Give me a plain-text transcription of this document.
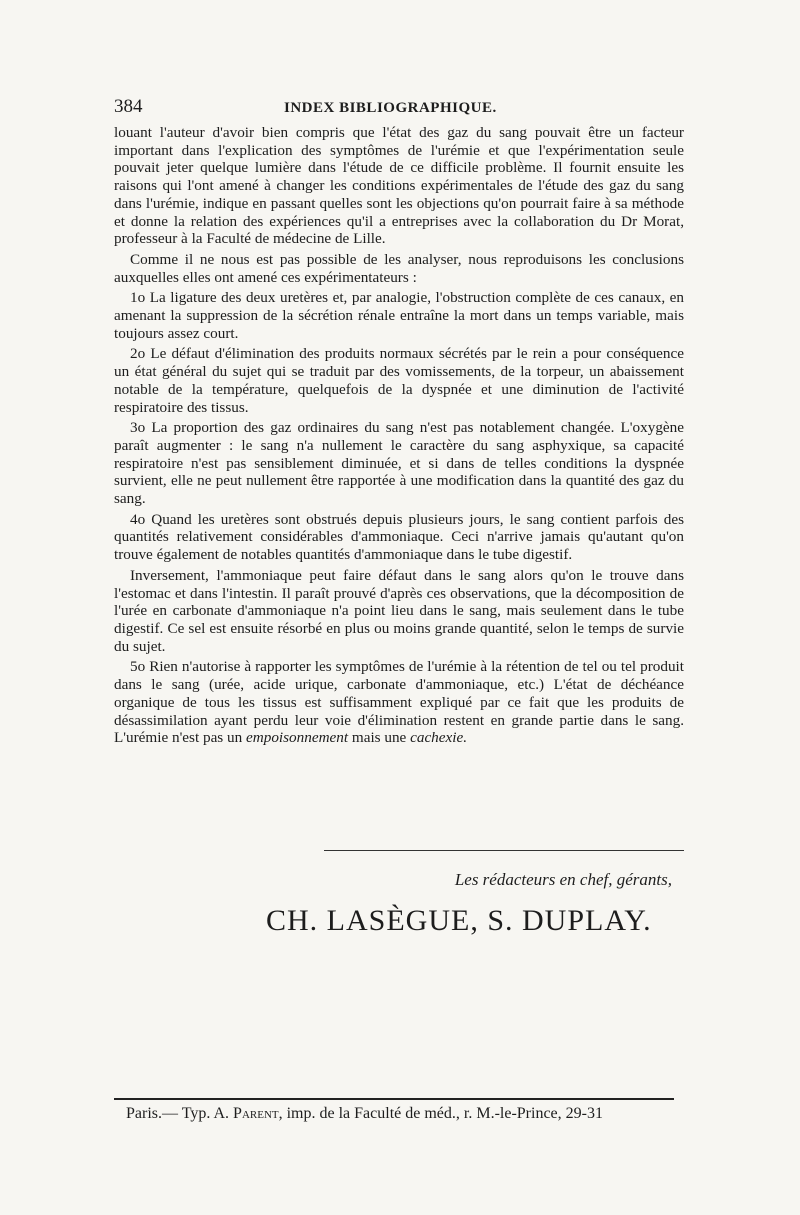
384	INDEX BIBLIOGRAPHIQUE.

louant l'auteur d'avoir bien compris que l'état des gaz du sang pouvait être un facteur important dans l'explication des symptômes de l'urémie et que l'expérimentation seule pouvait jeter quelque lumière dans l'étude de ce difficile problème. Il fournit ensuite les raisons qui l'ont amené à changer les conditions expérimentales de l'étude des gaz du sang dans l'urémie, indique en passant quelles sont les objections qu'on pourrait faire à sa méthode et donne la relation des expériences qu'il a entreprises avec la collaboration du Dr Morat, professeur à la Faculté de médecine de Lille.

Comme il ne nous est pas possible de les analyser, nous reproduisons les conclusions auxquelles elles ont amené ces expérimentateurs :

1o La ligature des deux uretères et, par analogie, l'obstruction complète de ces canaux, en amenant la suppression de la sécrétion rénale entraîne la mort dans un temps variable, mais toujours assez court.

2o Le défaut d'élimination des produits normaux sécrétés par le rein a pour conséquence un état général du sujet qui se traduit par des vomissements, de la torpeur, un abaissement notable de la température, quelquefois de la dyspnée et une diminution de l'activité respiratoire des tissus.

3o La proportion des gaz ordinaires du sang n'est pas notablement changée. L'oxygène paraît augmenter : le sang n'a nullement le caractère du sang asphyxique, sa capacité respiratoire n'est pas sensiblement diminuée, et si dans de telles conditions la dyspnée survient, elle ne peut nullement être rapportée à une modification dans la quantité des gaz du sang.

4o Quand les uretères sont obstrués depuis plusieurs jours, le sang contient parfois des quantités relativement considérables d'ammoniaque. Ceci n'arrive jamais qu'autant qu'on trouve également de notables quantités d'ammoniaque dans le tube digestif.

Inversement, l'ammoniaque peut faire défaut dans le sang alors qu'on le trouve dans l'estomac et dans l'intestin. Il paraît prouvé d'après ces observations, que la décomposition de l'urée en carbonate d'ammoniaque n'a point lieu dans le sang, mais seulement dans le tube digestif. Ce sel est ensuite résorbé en plus ou moins grande quantité, selon le temps de survie du sujet.

5o Rien n'autorise à rapporter les symptômes de l'urémie à la rétention de tel ou tel produit dans le sang (urée, acide urique, carbonate d'ammoniaque, etc.) L'état de déchéance organique de tous les tissus est suffisamment expliqué par ce fait que les produits de désassimilation ayant perdu leur voie d'élimination restent en grande partie dans le sang. L'urémie n'est pas un empoisonnement mais une cachexie.

Les rédacteurs en chef, gérants,
CH. LASÈGUE, S. DUPLAY.
Paris.— Typ. A. Parent, imp. de la Faculté de méd., r. M.-le-Prince, 29-31
